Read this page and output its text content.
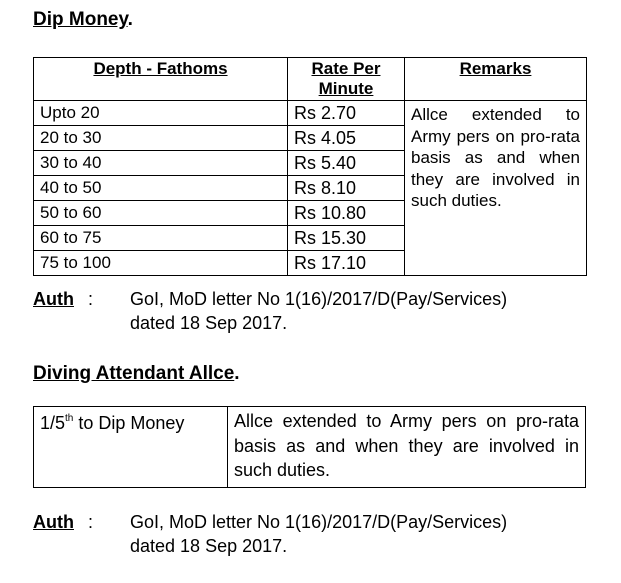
Dip Money.
Depth - Fathoms	Rate Per Minute	Remarks
Upto 20	Rs 2.70	Allce extended to Army pers on pro-rata basis as and when they are involved in such duties.
20 to 30	Rs 4.05	
30 to 40	Rs 5.40	
40 to 50	Rs 8.10	
50 to 60	Rs 10.80	
60 to 75	Rs 15.30	
75 to 100	Rs 17.10	
Auth : GoI, MoD letter No 1(16)/2017/D(Pay/Services)
dated 18 Sep 2017.
Diving Attendant Allce.
1/5th to Dip Money	Allce extended to Army pers on pro-rata basis as and when they are involved in such duties.
Auth : GoI, MoD letter No 1(16)/2017/D(Pay/Services)
dated 18 Sep 2017.
